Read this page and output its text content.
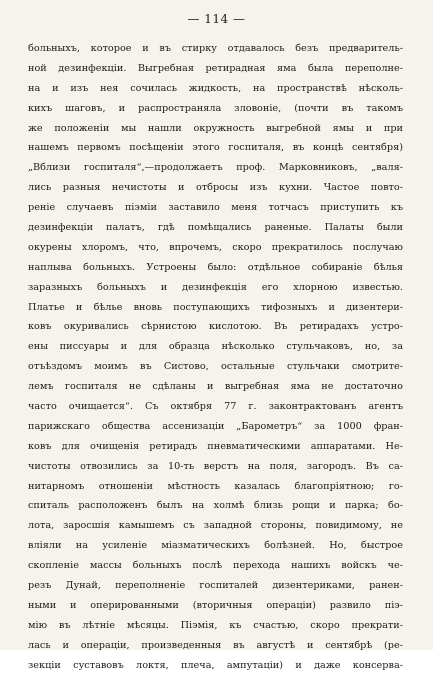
— 114 —
больныхъ, которое и въ стирку отдавалось безъ предваритель-
ной дезинфекціи. Выгребная ретирадная яма была переполне-
на и изъ нея сочилась жидкость, на пространствѣ нѣсколь-
кихъ шаговъ, и распространяла зловоніе, (почти въ такомъ
же положеніи мы нашли окружность выгребной ямы и при
нашемъ первомъ посѣщеніи этого госпиталя, въ концѣ сентября)
„Вблизи госпиталя“,—продолжаетъ проф. Марковниковъ, „валя-
лись разныя нечистоты и отбросы изъ кухни. Частое повто-
реніе случаевъ піэміи заставило меня тотчасъ приступить къ
дезинфекціи палатъ, гдѣ помѣщались раненые. Палаты были
окурены хлоромъ, что, впрочемъ, скоро прекратилось послучаю
наплыва больныхъ. Устроены было: отдѣльное собираніе бѣлья
заразныхъ больныхъ и дезинфекція его хлорною известью.
Платье и бѣлье вновь поступающихъ тифозныхъ и дизентери-
ковъ окуривались сѣрнистою кислотою. Въ ретирадахъ устро-
ены писсуары и для образца нѣсколько стульчаковъ, но, за
отъѣздомъ моимъ въ Систово, остальные стульчаки смотрите-
лемъ госпиталя не сдѣланы и выгребная яма не достаточно
часто очищается“. Съ октября 77 г. законтрактованъ агентъ
парижскаго общества ассенизаціи „Барометръ“ за 1000 фран-
ковъ для очищенія ретирадъ пневматическими аппаратами. Не-
чистоты отвозились за 10-ть верстъ на поля, загородъ. Въ са-
нитарномъ отношеніи мѣстность казалась благопріятною; го-
спиталь расположенъ былъ на холмѣ близь рощи и парка; бо-
лота, заросшія камышемъ съ западной стороны, повидимому, не
вліяли на усиленіе міазматическихъ болѣзней. Но, быстрое
скопленіе массы больныхъ послѣ перехода нашихъ войскъ че-
резъ Дунай, переполненіе госпиталей дизентериками, ранен-
ными и оперированными (вторичныя операціи) развило піэ-
мію въ лѣтніе мѣсяцы. Піэмія, къ счастью, скоро прекрати-
лась и операціи, произведенныя въ августѣ и сентябрѣ (ре-
зекціи суставовъ локтя, плеча, ампутаціи) и даже консерва-
